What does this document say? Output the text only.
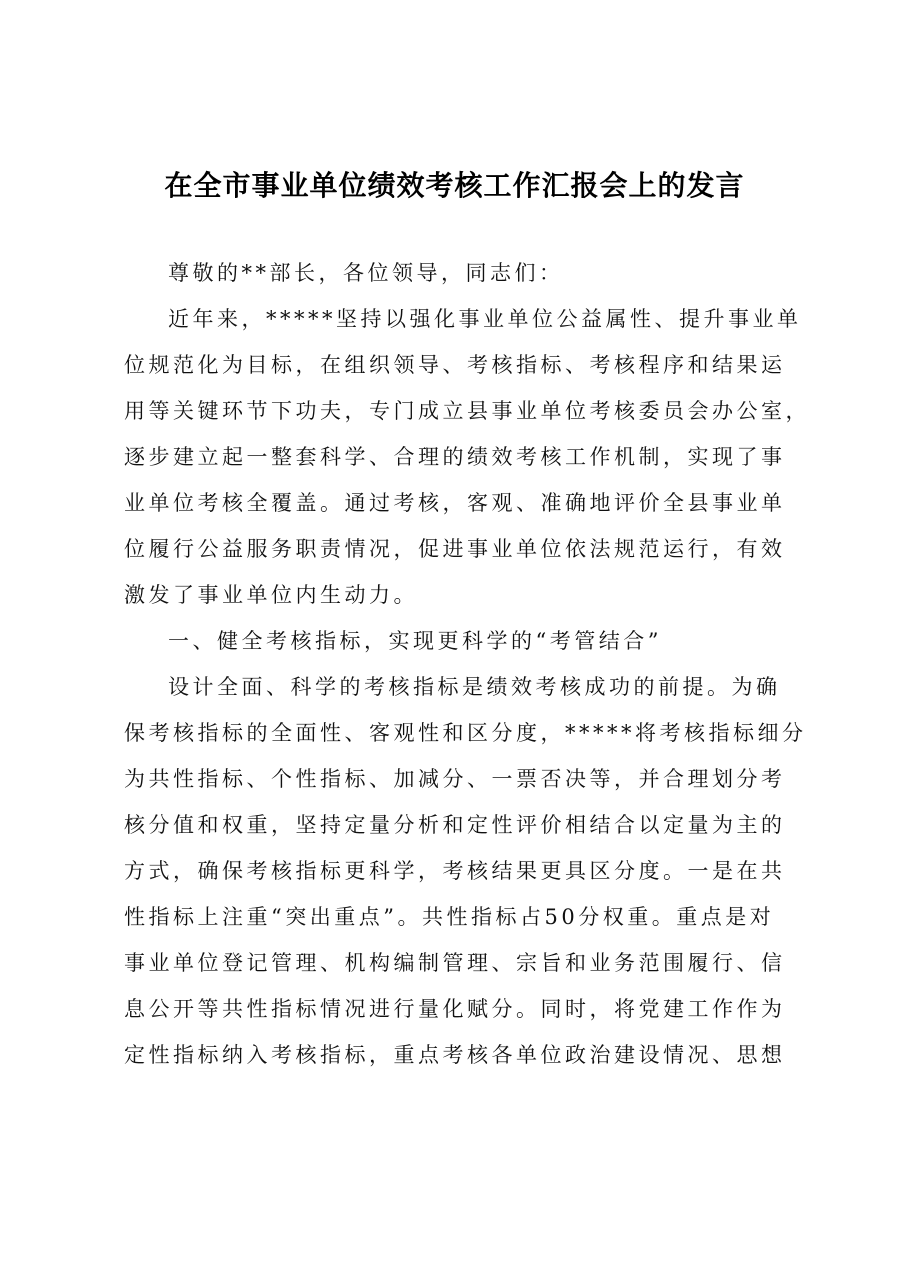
在全市事业单位绩效考核工作汇报会上的发言
尊敬的**部长，各位领导，同志们：
近年来，*****坚持以强化事业单位公益属性、提升事业单
位规范化为目标，在组织领导、考核指标、考核程序和结果运
用等关键环节下功夫，专门成立县事业单位考核委员会办公室，
逐步建立起一整套科学、合理的绩效考核工作机制，实现了事
业单位考核全覆盖。通过考核，客观、准确地评价全县事业单
位履行公益服务职责情况，促进事业单位依法规范运行，有效
激发了事业单位内生动力。
一、健全考核指标，实现更科学的“考管结合”
设计全面、科学的考核指标是绩效考核成功的前提。为确
保考核指标的全面性、客观性和区分度，*****将考核指标细分
为共性指标、个性指标、加减分、一票否决等，并合理划分考
核分值和权重，坚持定量分析和定性评价相结合以定量为主的
方式，确保考核指标更科学，考核结果更具区分度。一是在共
性指标上注重“突出重点”。共性指标占50分权重。重点是对
事业单位登记管理、机构编制管理、宗旨和业务范围履行、信
息公开等共性指标情况进行量化赋分。同时，将党建工作作为
定性指标纳入考核指标，重点考核各单位政治建设情况、思想
